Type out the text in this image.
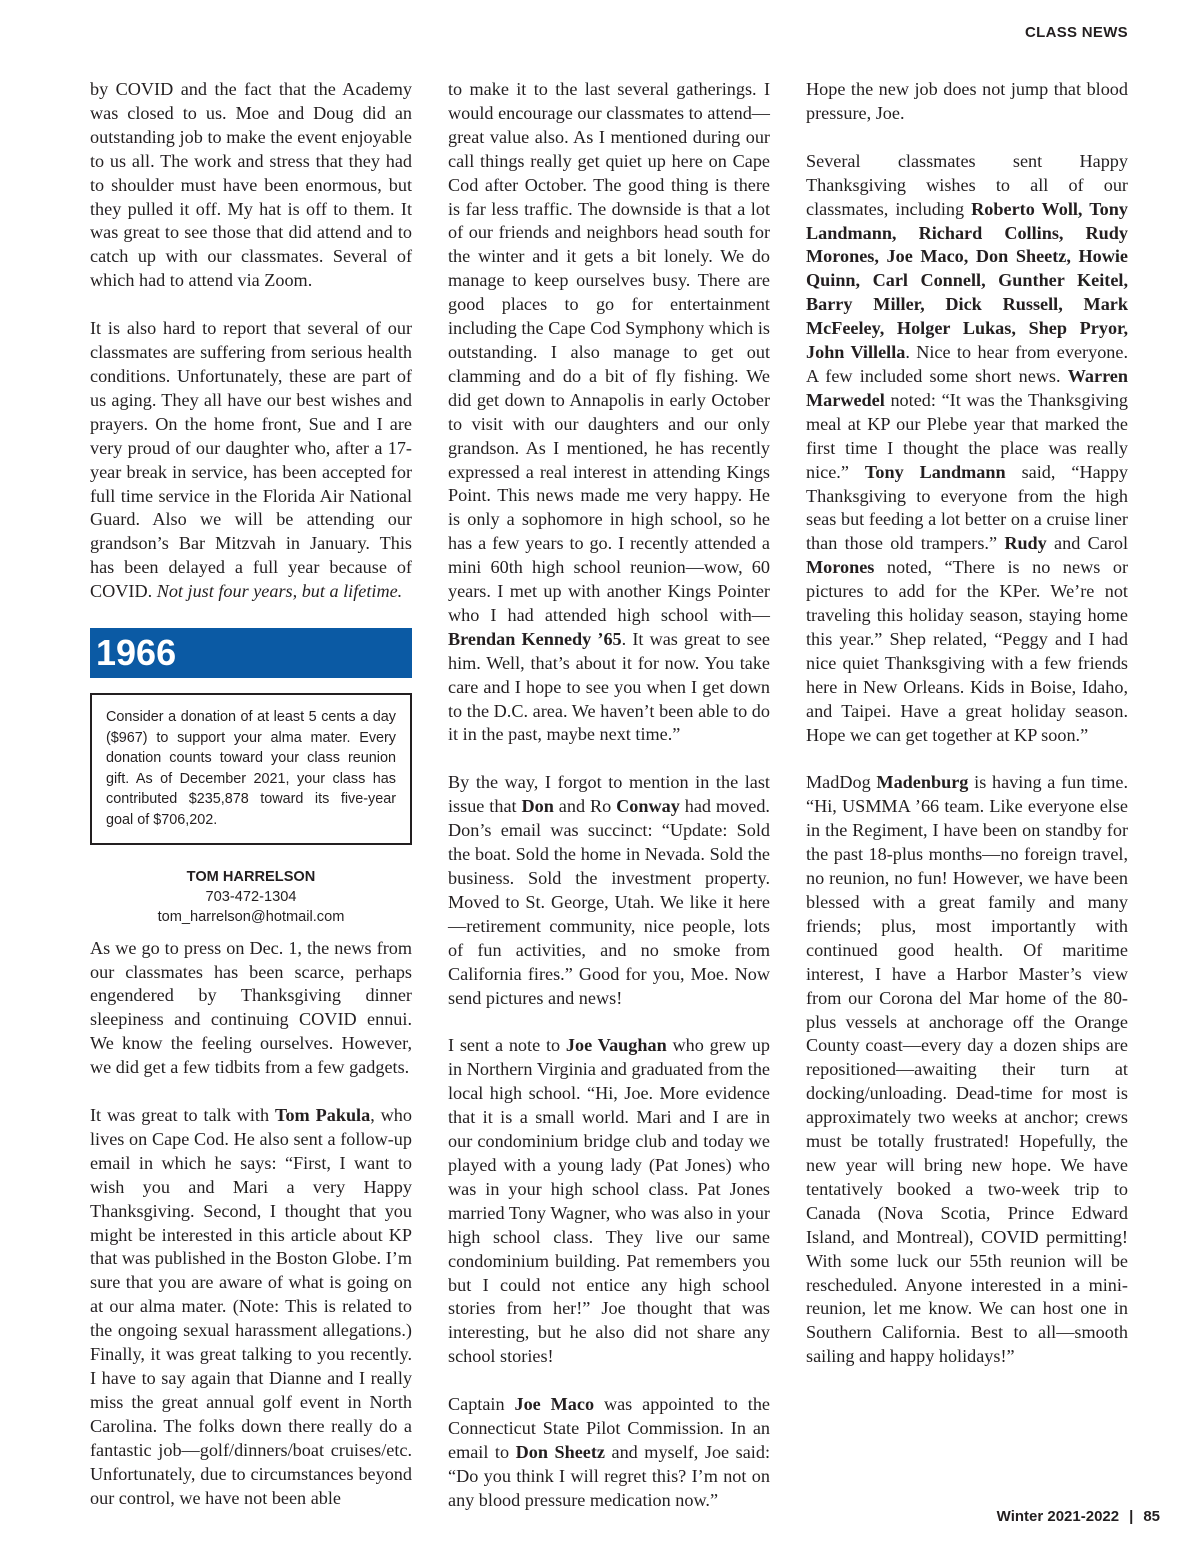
CLASS NEWS

by COVID and the fact that the Academy was closed to us. Moe and Doug did an outstanding job to make the event enjoyable to us all. The work and stress that they had to shoulder must have been enormous, but they pulled it off. My hat is off to them. It was great to see those that did attend and to catch up with our classmates. Several of which had to attend via Zoom.

It is also hard to report that several of our classmates are suffering from serious health conditions. Unfortunately, these are part of us aging. They all have our best wishes and prayers. On the home front, Sue and I are very proud of our daughter who, after a 17-year break in service, has been accepted for full time service in the Florida Air National Guard. Also we will be attending our grandson’s Bar Mitzvah in January. This has been delayed a full year because of COVID. Not just four years, but a lifetime.

1966
Consider a donation of at least 5 cents a day ($967) to support your alma mater. Every donation counts toward your class reunion gift. As of December 2021, your class has contributed $235,878 toward its five-year goal of $706,202.
TOM HARRELSON
703-472-1304
tom_harrelson@hotmail.com

As we go to press on Dec. 1, the news from our classmates has been scarce, perhaps engendered by Thanksgiving dinner sleepiness and continuing COVID ennui. We know the feeling ourselves. However, we did get a few tidbits from a few gadgets.

It was great to talk with Tom Pakula, who lives on Cape Cod. He also sent a follow-up email in which he says: “First, I want to wish you and Mari a very Happy Thanksgiving. Second, I thought that you might be interested in this article about KP that was published in the Boston Globe. I’m sure that you are aware of what is going on at our alma mater. (Note: This is related to the ongoing sexual harassment allegations.) Finally, it was great talking to you recently. I have to say again that Dianne and I really miss the great annual golf event in North Carolina. The folks down there really do a fantastic job—golf/dinners/boat cruises/etc. Unfortunately, due to circumstances beyond our control, we have not been able

to make it to the last several gatherings. I would encourage our classmates to attend—great value also. As I mentioned during our call things really get quiet up here on Cape Cod after October. The good thing is there is far less traffic. The downside is that a lot of our friends and neighbors head south for the winter and it gets a bit lonely. We do manage to keep ourselves busy. There are good places to go for entertainment including the Cape Cod Symphony which is outstanding. I also manage to get out clamming and do a bit of fly fishing. We did get down to Annapolis in early October to visit with our daughters and our only grandson. As I mentioned, he has recently expressed a real interest in attending Kings Point. This news made me very happy. He is only a sophomore in high school, so he has a few years to go. I recently attended a mini 60th high school reunion—wow, 60 years. I met up with another Kings Pointer who I had attended high school with—Brendan Kennedy ’65. It was great to see him. Well, that’s about it for now. You take care and I hope to see you when I get down to the D.C. area. We haven’t been able to do it in the past, maybe next time.”

By the way, I forgot to mention in the last issue that Don and Ro Conway had moved. Don’s email was succinct: “Update: Sold the boat. Sold the home in Nevada. Sold the business. Sold the investment property. Moved to St. George, Utah. We like it here—retirement community, nice people, lots of fun activities, and no smoke from California fires.” Good for you, Moe. Now send pictures and news!

I sent a note to Joe Vaughan who grew up in Northern Virginia and graduated from the local high school. “Hi, Joe. More evidence that it is a small world. Mari and I are in our condominium bridge club and today we played with a young lady (Pat Jones) who was in your high school class. Pat Jones married Tony Wagner, who was also in your high school class. They live our same condominium building. Pat remembers you but I could not entice any high school stories from her!” Joe thought that was interesting, but he also did not share any school stories!

Captain Joe Maco was appointed to the Connecticut State Pilot Commission. In an email to Don Sheetz and myself, Joe said: “Do you think I will regret this? I’m not on any blood pressure medication now.”

Hope the new job does not jump that blood pressure, Joe.

Several classmates sent Happy Thanksgiving wishes to all of our classmates, including Roberto Woll, Tony Landmann, Richard Collins, Rudy Morones, Joe Maco, Don Sheetz, Howie Quinn, Carl Connell, Gunther Keitel, Barry Miller, Dick Russell, Mark McFeeley, Holger Lukas, Shep Pryor, John Villella. Nice to hear from everyone. A few included some short news. Warren Marwedel noted: “It was the Thanksgiving meal at KP our Plebe year that marked the first time I thought the place was really nice.” Tony Landmann said, “Happy Thanksgiving to everyone from the high seas but feeding a lot better on a cruise liner than those old trampers.” Rudy and Carol Morones noted, “There is no news or pictures to add for the KPer. We’re not traveling this holiday season, staying home this year.” Shep related, “Peggy and I had nice quiet Thanksgiving with a few friends here in New Orleans. Kids in Boise, Idaho, and Taipei. Have a great holiday season. Hope we can get together at KP soon.”

MadDog Madenburg is having a fun time. “Hi, USMMA ’66 team. Like everyone else in the Regiment, I have been on standby for the past 18-plus months—no foreign travel, no reunion, no fun! However, we have been blessed with a great family and many friends; plus, most importantly with continued good health. Of maritime interest, I have a Harbor Master’s view from our Corona del Mar home of the 80-plus vessels at anchorage off the Orange County coast—every day a dozen ships are repositioned—awaiting their turn at docking/unloading. Dead-time for most is approximately two weeks at anchor; crews must be totally frustrated! Hopefully, the new year will bring new hope. We have tentatively booked a two-week trip to Canada (Nova Scotia, Prince Edward Island, and Montreal), COVID permitting! With some luck our 55th reunion will be rescheduled. Anyone interested in a mini-reunion, let me know. We can host one in Southern California. Best to all—smooth sailing and happy holidays!”

Winter 2021-2022 | 85
